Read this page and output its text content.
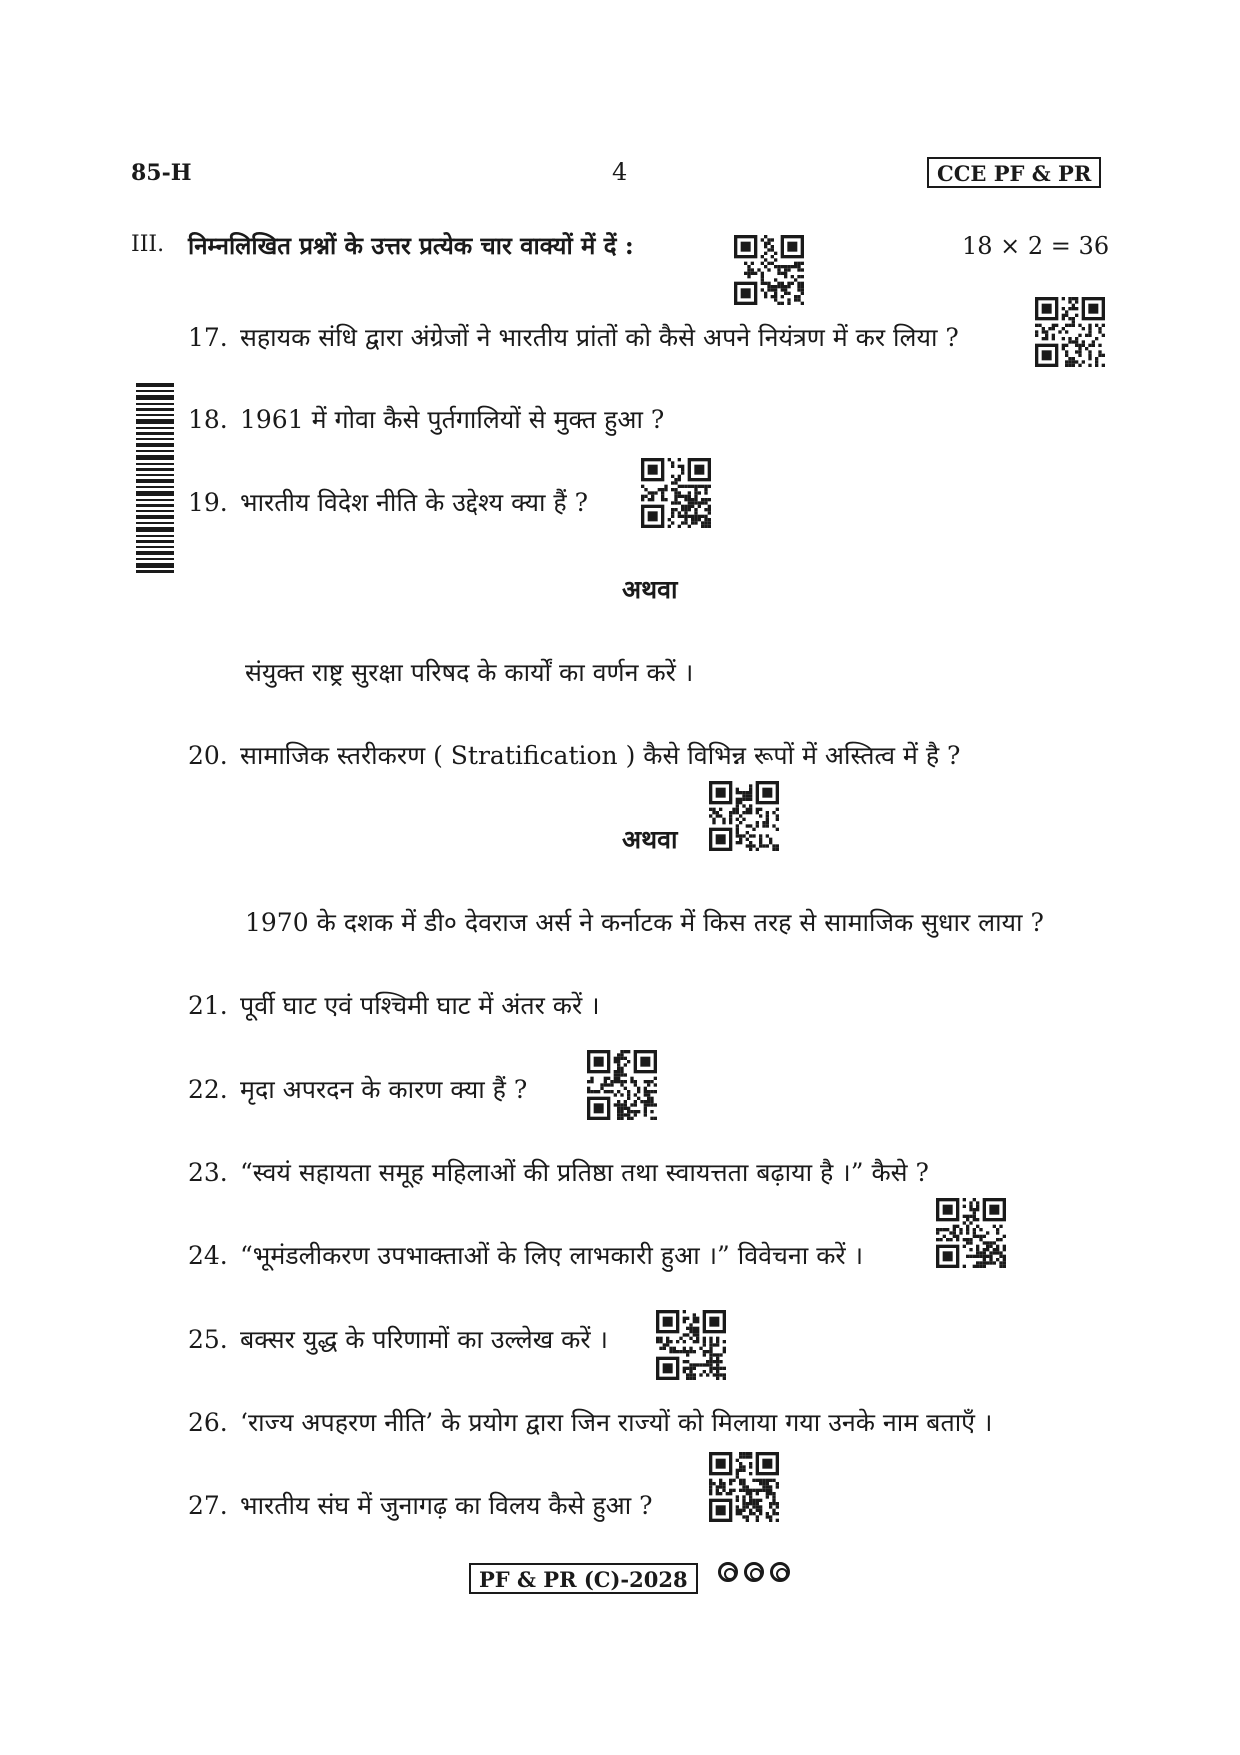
85-H	4	CCE PF & PR
III. निम्नलिखित प्रश्नों के उत्तर प्रत्येक चार वाक्यों में दें :	18 × 2 = 36
17. सहायक संधि द्वारा अंग्रेजों ने भारतीय प्रांतों को कैसे अपने नियंत्रण में कर लिया ?
18. 1961 में गोवा कैसे पुर्तगालियों से मुक्त हुआ ?
19. भारतीय विदेश नीति के उद्देश्य क्या हैं ?
अथवा
संयुक्त राष्ट्र सुरक्षा परिषद के कार्यों का वर्णन करें ।
20. सामाजिक स्तरीकरण ( Stratification ) कैसे विभिन्न रूपों में अस्तित्व में है ?
अथवा
1970 के दशक में डी० देवराज अर्स ने कर्नाटक में किस तरह से सामाजिक सुधार लाया ?
21. पूर्वी घाट एवं पश्चिमी घाट में अंतर करें ।
22. मृदा अपरदन के कारण क्या हैं ?
23. “स्वयं सहायता समूह महिलाओं की प्रतिष्ठा तथा स्वायत्तता बढ़ाया है ।” कैसे ?
24. “भूमंडलीकरण उपभाक्ताओं के लिए लाभकारी हुआ ।” विवेचना करें ।
25. बक्सर युद्ध के परिणामों का उल्लेख करें ।
26. ‘राज्य अपहरण नीति’ के प्रयोग द्वारा जिन राज्यों को मिलाया गया उनके नाम बताएँ ।
27. भारतीय संघ में जुनागढ़ का विलय कैसे हुआ ?
PF & PR (C)-2028
